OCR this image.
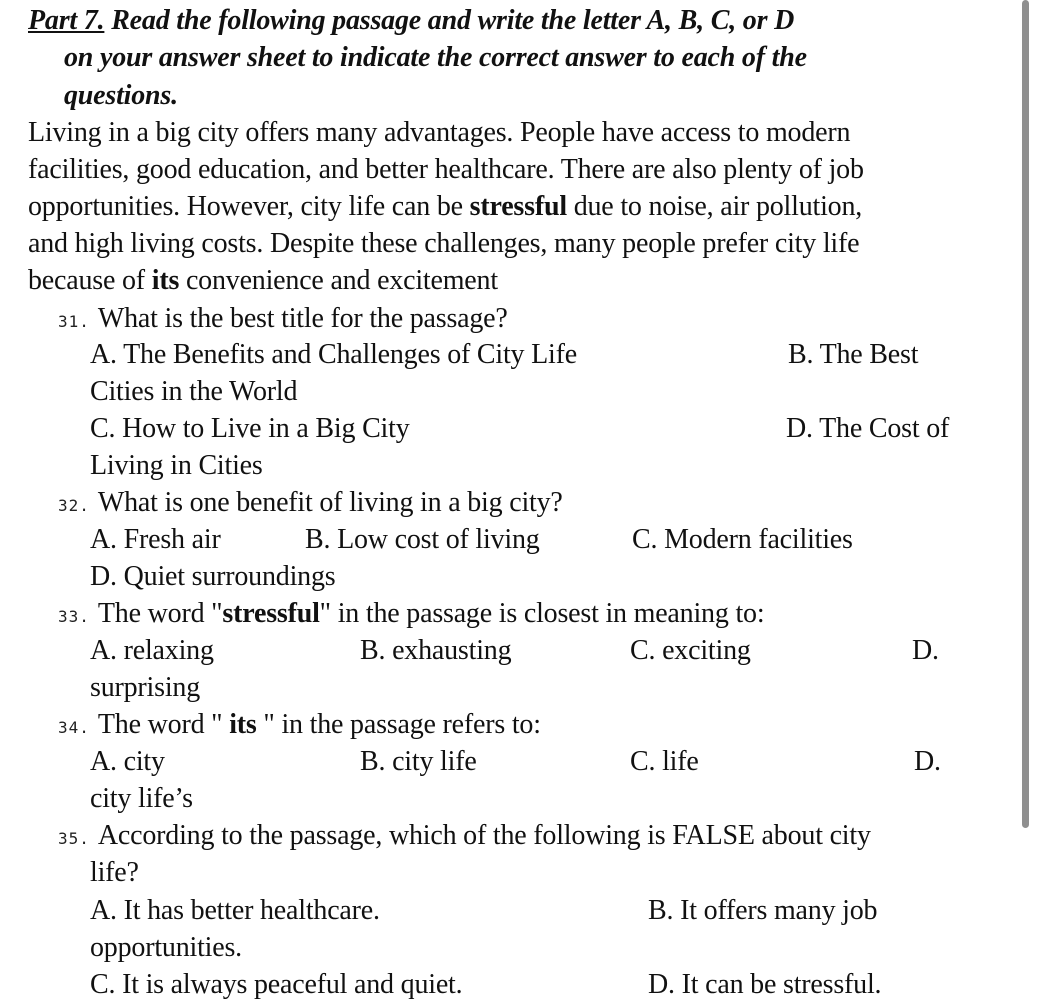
Part 7. Read the following passage and write the letter A, B, C, or D
on your answer sheet to indicate the correct answer to each of the
questions.
Living in a big city offers many advantages. People have access to modern
facilities, good education, and better healthcare. There are also plenty of job
opportunities. However, city life can be stressful due to noise, air pollution,
and high living costs. Despite these challenges, many people prefer city life
because of its convenience and excitement
31. What is the best title for the passage?
A. The Benefits and Challenges of City Life	B. The Best
Cities in the World
C. How to Live in a Big City	D. The Cost of
Living in Cities
32. What is one benefit of living in a big city?
A. Fresh air	B. Low cost of living	C. Modern facilities
D. Quiet surroundings
33. The word "stressful" in the passage is closest in meaning to:
A. relaxing	B. exhausting	C. exciting	D.
surprising
34. The word " its " in the passage refers to:
A. city	B. city life	C. life	D.
city life’s
35. According to the passage, which of the following is FALSE about city
life?
A. It has better healthcare.	B. It offers many job
opportunities.
C. It is always peaceful and quiet.	D. It can be stressful.
